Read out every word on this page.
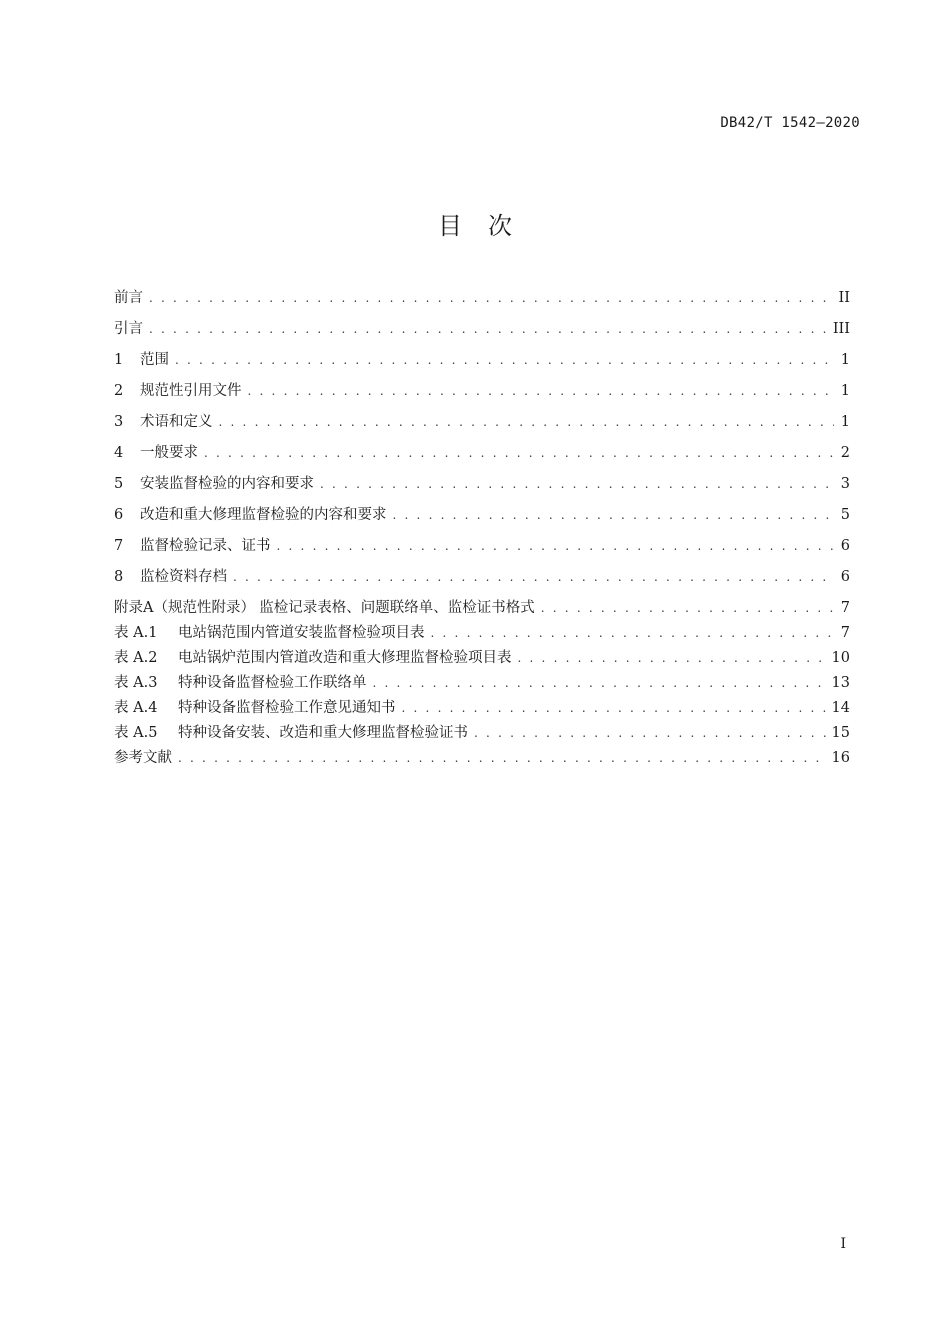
DB42/T 1542—2020
目次
前言 . . .	II
引言 . . .	III
1	范围 . . .	1
2	规范性引用文件 . . .	1
3	术语和定义 . . .	1
4	一般要求 . . .	2
5	安装监督检验的内容和要求 . . .	3
6	改造和重大修理监督检验的内容和要求 . . .	5
7	监督检验记录、证书 . . .	6
8	监检资料存档 . . .	6
附录A（规范性附录） 监检记录表格、问题联络单、监检证书格式 . . .	7
表 A.1	电站锅范围内管道安装监督检验项目表 . . .	7
表 A.2	电站锅炉范围内管道改造和重大修理监督检验项目表 . . .	10
表 A.3	特种设备监督检验工作联络单 . . .	13
表 A.4	特种设备监督检验工作意见通知书 . . .	14
表 A.5	特种设备安装、改造和重大修理监督检验证书 . . .	15
参考文献 . . .	16
I
